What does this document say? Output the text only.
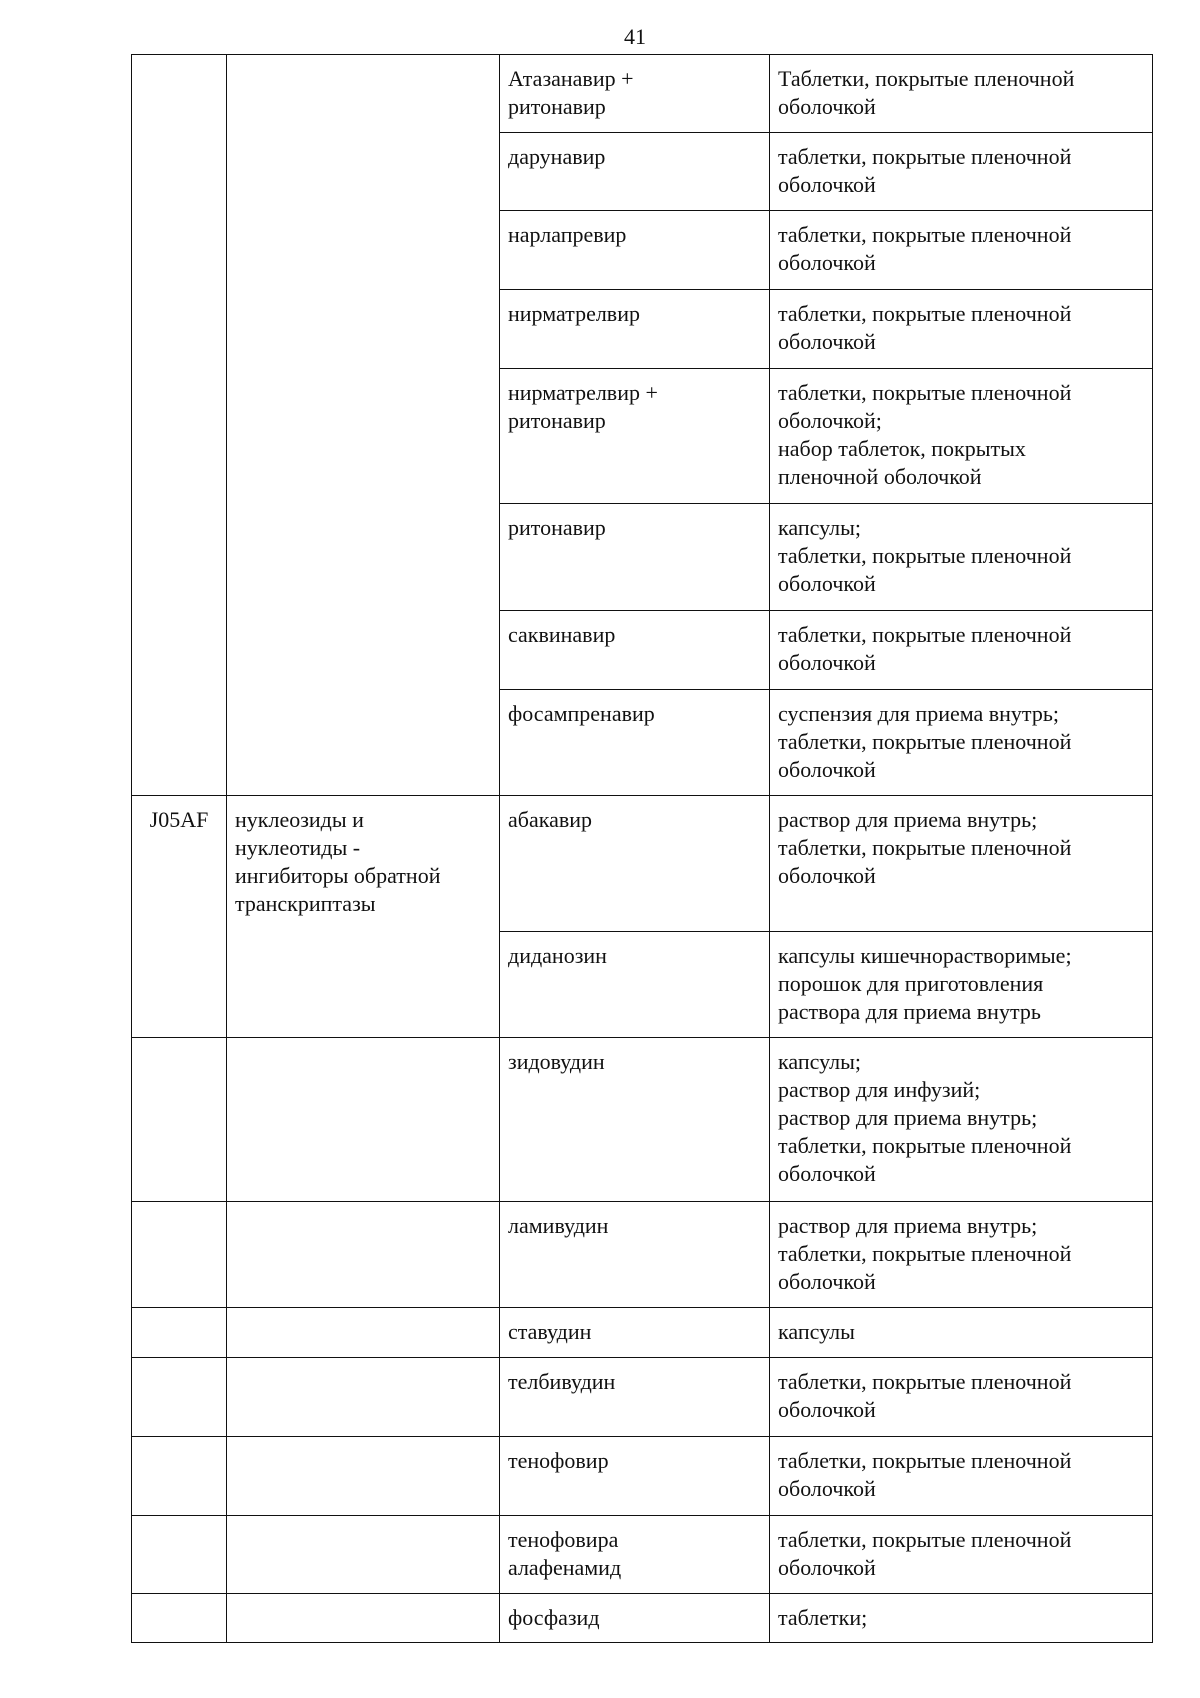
41
		Атазанавир +
ритонавир	Таблетки, покрытые пленочной
оболочкой
		дарунавир	таблетки, покрытые пленочной
оболочкой
		нарлапревир	таблетки, покрытые пленочной
оболочкой
		нирматрелвир	таблетки, покрытые пленочной
оболочкой
		нирматрелвир +
ритонавир	таблетки, покрытые пленочной
оболочкой;
набор таблеток, покрытых
пленочной оболочкой
		ритонавир	капсулы;
таблетки, покрытые пленочной
оболочкой
		саквинавир	таблетки, покрытые пленочной
оболочкой
		фосампренавир	суспензия для приема внутрь;
таблетки, покрытые пленочной
оболочкой
J05AF	нуклеозиды и
нуклеотиды -
ингибиторы обратной
транскриптазы	абакавир	раствор для приема внутрь;
таблетки, покрытые пленочной
оболочкой
		диданозин	капсулы кишечнорастворимые;
порошок для приготовления
раствора для приема внутрь
		зидовудин	капсулы;
раствор для инфузий;
раствор для приема внутрь;
таблетки, покрытые пленочной
оболочкой
		ламивудин	раствор для приема внутрь;
таблетки, покрытые пленочной
оболочкой
		ставудин	капсулы
		телбивудин	таблетки, покрытые пленочной
оболочкой
		тенофовир	таблетки, покрытые пленочной
оболочкой
		тенофовира
алафенамид	таблетки, покрытые пленочной
оболочкой
		фосфазид	таблетки;
